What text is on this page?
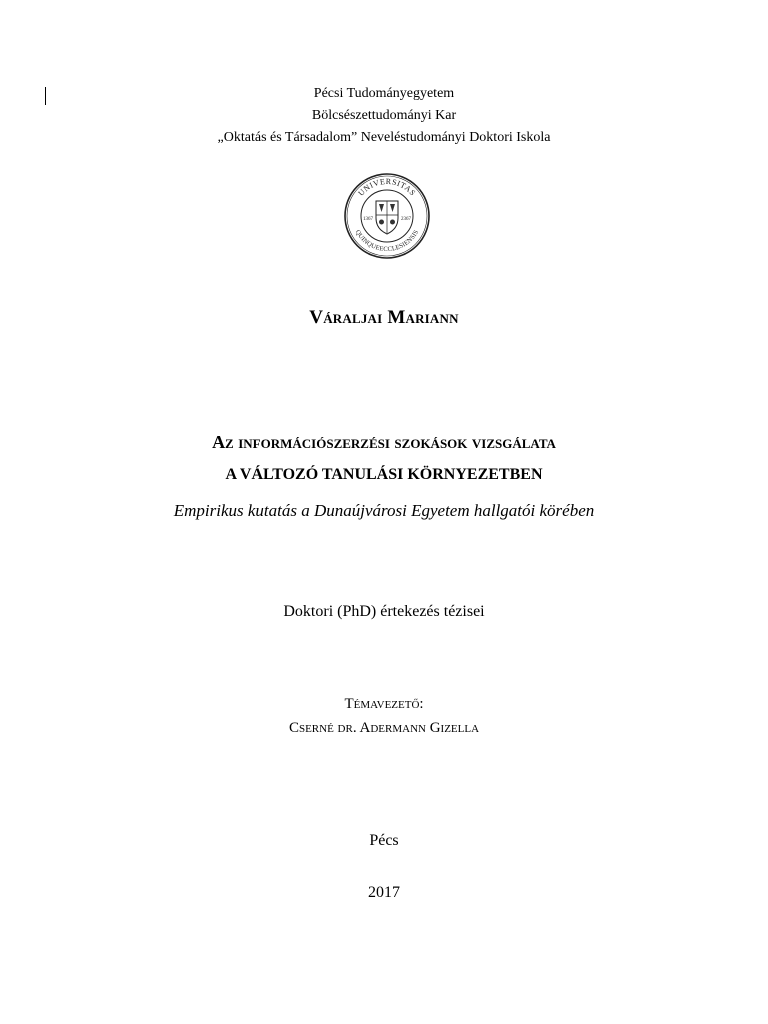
Pécsi Tudományegyetem
Bölcsészettudományi Kar
„Oktatás és Társadalom” Neveléstudományi Doktori Iskola
UNIVERSITAS
QUINQUEECCLESIENSIS
1367	2367
Váraljai Mariann
Az információszerzési szokások vizsgálata
A VÁLTOZÓ TANULÁSI KÖRNYEZETBEN
Empirikus kutatás a Dunaújvárosi Egyetem hallgatói körében
Doktori (PhD) értekezés tézisei
Témavezető:
Cserné dr. Adermann Gizella
Pécs
2017
